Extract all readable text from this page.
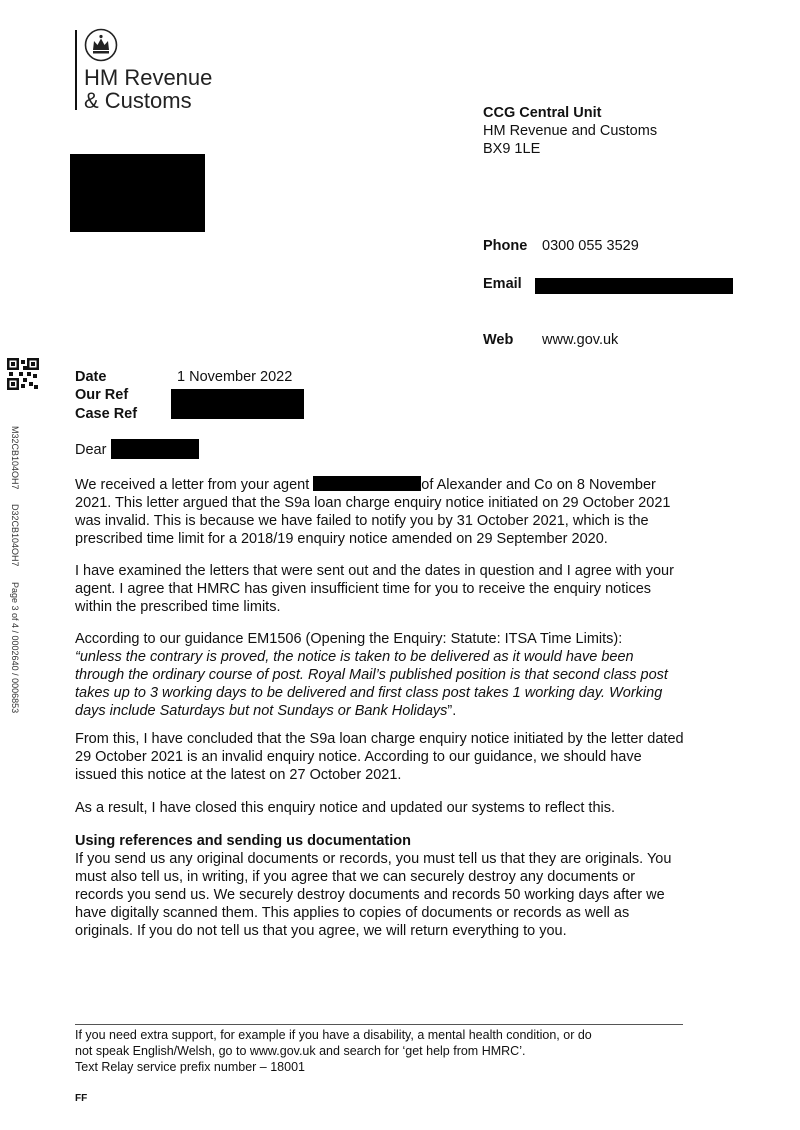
HM Revenue
& Customs	CCG Central Unit
HM Revenue and Customs
BX9 1LE
Phone 0300 055 3529
Email
Web www.gov.uk
M32CB104OH7
D32CB104OH7
Page 3 of 4 / 0002640 / 0006853
Date	1 November 2022
Our Ref
Case Ref
Dear

We received a letter from your agent	of Alexander and Co on 8 November 2021. This letter argued that the S9a loan charge enquiry notice initiated on 29 October 2021 was invalid. This is because we have failed to notify you by 31 October 2021, which is the prescribed time limit for a 2018/19 enquiry notice amended on 29 September 2020.

I have examined the letters that were sent out and the dates in question and I agree with your agent. I agree that HMRC has given insufficient time for you to receive the enquiry notices within the prescribed time limits.

According to our guidance EM1506 (Opening the Enquiry: Statute: ITSA Time Limits):

“unless the contrary is proved, the notice is taken to be delivered as it would have been through the ordinary course of post. Royal Mail’s published position is that second class post takes up to 3 working days to be delivered and first class post takes 1 working day. Working days include Saturdays but not Sundays or Bank Holidays”.

From this, I have concluded that the S9a loan charge enquiry notice initiated by the letter dated 29 October 2021 is an invalid enquiry notice. According to our guidance, we should have issued this notice at the latest on 27 October 2021.

As a result, I have closed this enquiry notice and updated our systems to reflect this.

Using references and sending us documentation

If you send us any original documents or records, you must tell us that they are originals. You must also tell us, in writing, if you agree that we can securely destroy any documents or records you send us. We securely destroy documents and records 50 working days after we have digitally scanned them. This applies to copies of documents or records as well as originals. If you do not tell us that you agree, we will return everything to you.

If you need extra support, for example if you have a disability, a mental health condition, or do
not speak English/Welsh, go to www.gov.uk and search for ‘get help from HMRC’.
Text Relay service prefix number – 18001
FF
